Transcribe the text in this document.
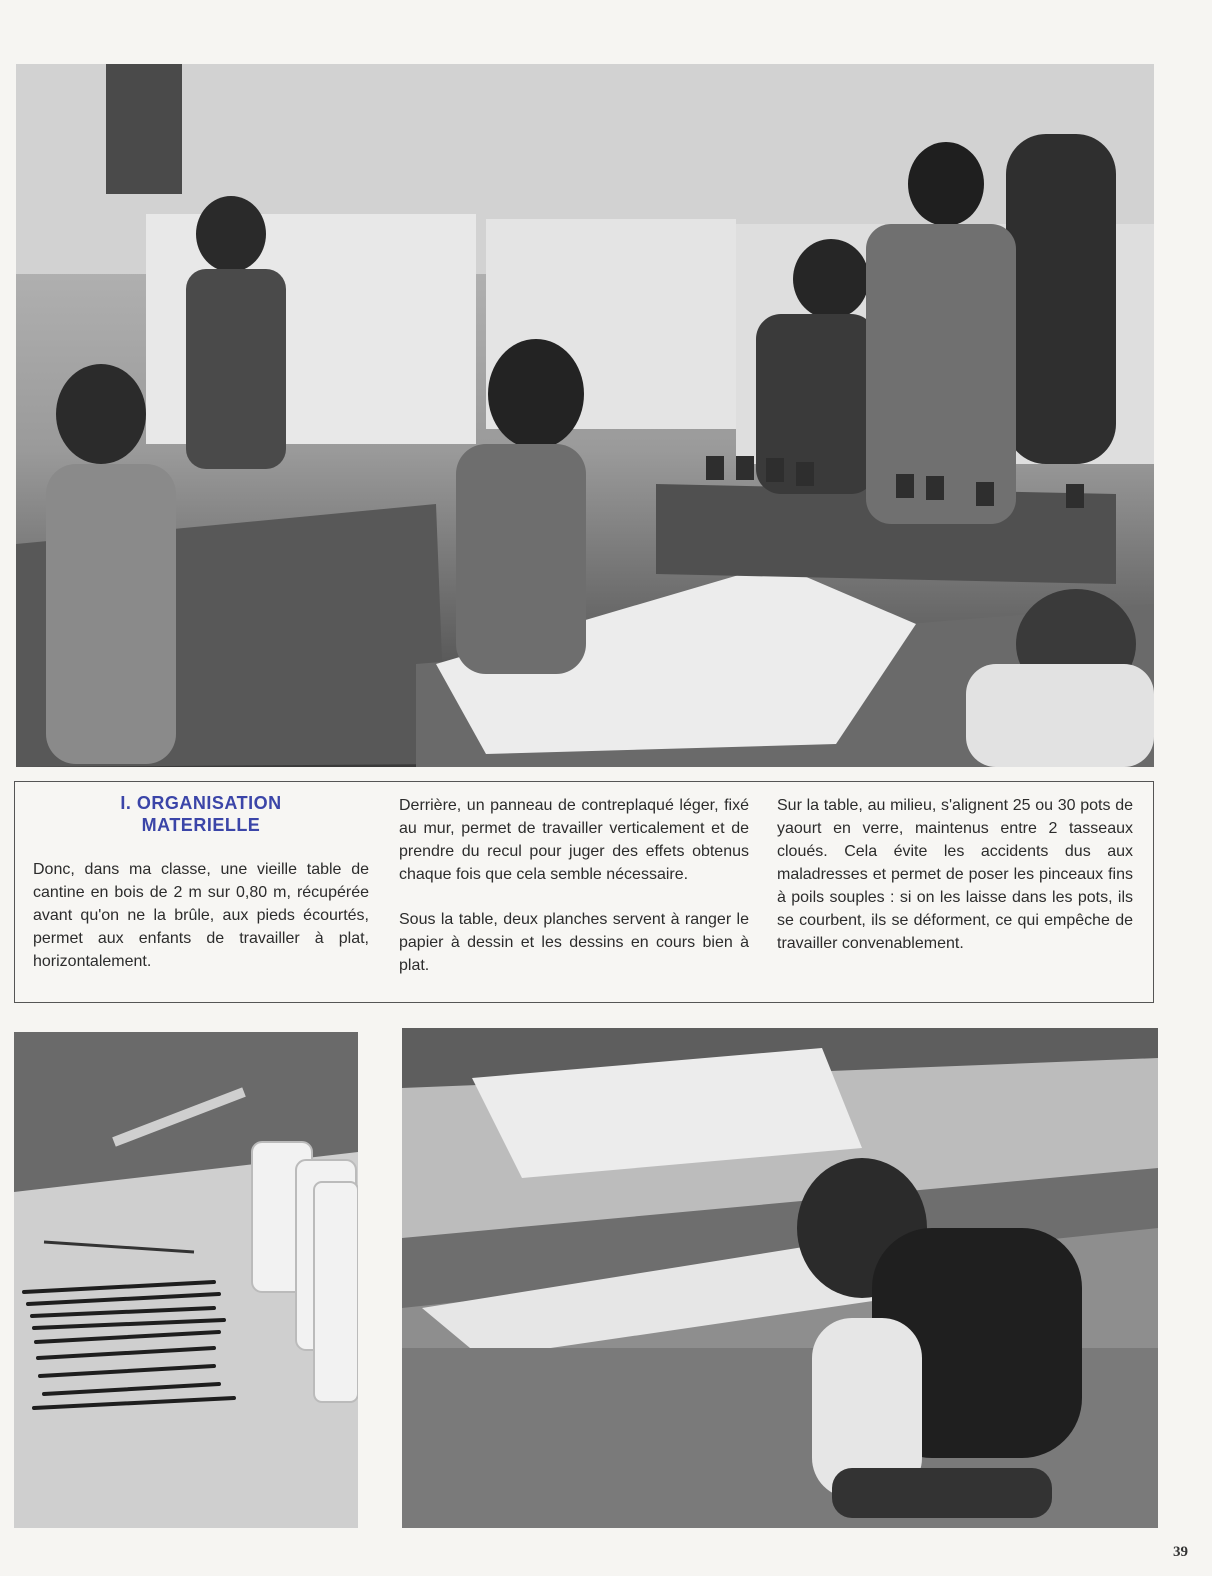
I. ORGANISATION
MATERIELLE

Donc, dans ma classe, une vieille table de cantine en bois de 2 m sur 0,80 m, récupérée avant qu'on ne la brûle, aux pieds écourtés, permet aux enfants de travailler à plat, horizontalement.

Derrière, un panneau de contreplaqué léger, fixé au mur, permet de travailler verticalement et de prendre du recul pour juger des effets obtenus chaque fois que cela semble nécessaire.

Sous la table, deux planches servent à ranger le papier à dessin et les dessins en cours bien à plat.

Sur la table, au milieu, s'alignent 25 ou 30 pots de yaourt en verre, maintenus entre 2 tasseaux cloués. Cela évite les accidents dus aux maladresses et permet de poser les pinceaux fins à poils souples : si on les laisse dans les pots, ils se courbent, ils se déforment, ce qui empêche de travailler convenablement.

39
